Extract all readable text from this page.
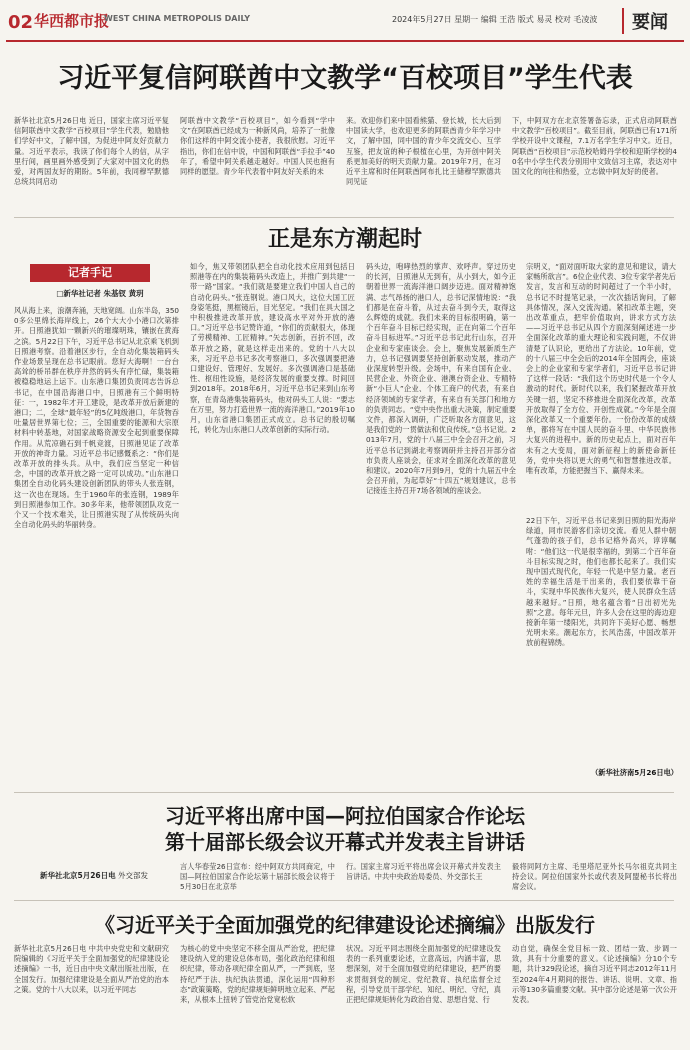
02 华西都市报
WEST CHINA METROPOLIS DAILY	2024年5月27日 星期一 编辑 王浩 版式 易灵 校对 毛凌波	要闻
习近平复信阿联酋中文教学“百校项目”学生代表
新华社北京5月26日电 近日，国家主席习近平复信阿联酋中文教学“百校项目”学生代表，勉励他们学好中文，了解中国，为促进中阿友好贡献力量。习近平表示，我读了你们每个人的信，从字里行间，画里画外感受到了大家对中国文化的热爱，对两国友好的期盼。5年前，我同穆罕默德总统共同启动
阿联酋中文教学“百校项目”，如今看到“学中文”在阿联酋已经成为一种新风尚，培养了一批像你们这样的中阿交流小使者，我很欣慰。习近平指出，你们在信中说，中国和阿联酋“手拉手”40年了，希望中阿关系越走越好。中国人民也抱有同样的愿望。青少年代表着中阿友好关系的未
来。欢迎你们来中国看熊猫、登长城，长大后到中国读大学，也欢迎更多的阿联酋青少年学习中文，了解中国，同中国的青少年交流交心、互学互鉴，把友谊的种子根植在心里，为开创中阿关系更加美好的明天贡献力量。2019年7月，在习近平主席和时任阿联酋阿布扎比王储穆罕默德共同见证
下，中阿双方在北京签署备忘录，正式启动阿联酋中文教学“百校项目”。截至目前，阿联酋已有171所学校开设中文课程，7.1万名学生学习中文。近日，阿联酋“百校项目”示范校哈姆丹学校和迎斯学校的40名中小学生代表分别用中文致信习主席，表达对中国文化的向往和热爱，立志做中阿友好的使者。
正是东方潮起时
记者手记
□新华社记者 朱基钗 黄玥
风从海上来，浪潮奔涌，天地宽阔。山东半岛，3500多公里绵长海岸线上，26个大大小小港口次第排开。日照港犹如一颗新兴的璀璨明珠，镶嵌在黄海之滨。5月22日下午，习近平总书记从北京乘飞机到日照港考察。沿着港区步行，全自动化集装箱码头作业场景呈现在总书记眼前。您好大海啊！一台台高耸的桥吊群在秩序井然的码头有序忙碌，集装箱被稳稳地运上运下。山东港口集团负责同志告诉总书记，在中国沿海港口中，日照港有三个鲜明特征：一，1982年才开工建设，是改革开放后新建的港口；二，全球“最年轻”的5亿吨级港口，年货物吞吐量居世界第七位；三，全国重要的能源和大宗原材料中转基地，对国家战略资源安全起到重要保障作用。从荒凉礁石到千帆竞渡，日照港见证了改革开放的神奇力量。习近平总书记感慨系之：“你们是改革开放的排头兵。从中，我们应当坚定一种信念，中国的改革开放之路一定可以成功。”山东港口集团全自动化码头建设创新团队的带头人张连钢，这一次也在现场。生于1960年的张连钢，1989年到日照港参加工作。30多年来，他带领团队攻克一个又一个技术难关，让日照港实现了从传统码头向全自动化码头的华丽转身。
如今，焦又带领团队把全自动化技术应用到包括日照港等在内的集装箱码头改造上，并推广到共建“一带一路”国家。“我们就是要建立我们中国人自己的自动化码头。”张连钢说。港口风大，这位大国工匠身姿笔挺，黑框镜后，目光坚定。“我们在具大国之中积极推进改革开放，建设高水平对外开放的港口。”习近平总书记赞许道，“你们的贡献很大，体现了劳模精神、工匠精神。”矢志创新，百折不回，改革开放之路，就是这样走出来的。党的十八大以来，习近平总书记多次考察港口，多次强调要把港口建设好、管理好、发展好。多次强调港口是基础性、枢纽性设施，是经济发展的重要支撑。时间回到2018年。2018年6月，习近平总书记来到山东考察，在青岛港集装箱码头，他对码头工人说：“要志在万里，努力打造世界一流的海洋港口。”2019年10月，山东省港口集团正式成立。总书记的殷切嘱托，转化为山东港口人改革创新的实际行动。
码头边，咆哮热烈的掌声、欢呼声。穿过历史的长河，日照港从无到有，从小到大，如今正朝着世界一流海洋港口阔步迈进。面对精神饱满、志气昂扬的港口人，总书记深情地说：“我们都是在奋斗着，从过去奋斗到今天，取得这么辉煌的成就。我们未来的目标很明确，第一个百年奋斗目标已经实现，正在向第二个百年奋斗目标进军。”习近平总书记此行山东，召开企业和专家座谈会。会上，聚焦发展新质生产力，总书记强调要坚持创新驱动发展，推动产业深度转型升级。会场中，有来自国有企业、民营企业、外资企业、港澳台资企业、专精特新“小巨人”企业、个体工商户的代表，有来自经济领域的专家学者，有来自有关部门和地方的负责同志。“党中央作出重大决策，制定重要文件，都深入调研，广泛听取各方面意见，这是我们党的一贯做法和优良传统。”总书记说。2013年7月，党的十八届三中全会召开之前，习近平总书记到湖北考察调研并主持召开部分省市负责人座谈会，征求对全面深化改革的意见和建议。2020年7月到9月，党的十九届五中全会召开前，为起草好“十四五”规划建议，总书记接连主持召开7场各领域的座谈会。
宗明义，“面对面听取大家的意见和建议，请大家畅所欲言”。6位企业代表、3位专家学者先后发言，发言和互动的时间超过了一个半小时，总书记不时提笔记录，一次次插话询问，了解具体情况，深入交流沟通。紧扣改革主题，突出改革重点，把牢价值取向，讲求方式方法——习近平总书记从四个方面深刻阐述进一步全面深化改革的重大理论和实践问题，不仅讲清楚了认识论，更给出了方法论。10年前，党的十八届三中全会后的2014年全国两会，座谈会上的企业家和专家学者们，习近平总书记讲了这样一段话：“我们这个历史时代是一个令人激动的时代。新时代以来，我们紧握改革开放关键一招，坚定不移推进全面深化改革，改革开放取得了全方位、开创性成就。”今年是全面深化改革又一个重要年份。一份份改革的成绩单，都将写在中国人民的奋斗里、中华民族伟大复兴的进程中。新的历史起点上，面对百年未有之大变局，面对新征程上的新使命新任务，党中央将以更大的勇气和智慧推进改革。唯有改革，方能把握当下、赢得未来。
22日下午，习近平总书记来到日照的阳光海岸绿道，同市民游客们亲切交流。看见人群中朝气蓬勃的孩子们，总书记格外高兴，谆谆嘱咐：“他们这一代是很幸福的，到第二个百年奋斗目标实现之时，他们也都长起来了。我们实现中国式现代化，年轻一代是中坚力量。老百姓的幸福生活是干出来的，我们要依靠干奋斗，实现中华民族伟大复兴，使人民群众生活越来越好。”日照，地名蕴含着“日出初光先照”之意。每年元旦，许多人会在这里的海边迎接新年第一缕阳光，共同许下美好心愿、畅想光明未来。潮起东方，长风浩荡，中国改革开放前程锦绣。
（新华社济南5月26日电）
习近平将出席中国—阿拉伯国家合作论坛
第十届部长级会议开幕式并发表主旨讲话
新华社北京5月26日电 外交部发
言人华春莹26日宣布：经中阿双方共同商定，中国—阿拉伯国家合作论坛第十届部长级会议将于5月30日在北京举
行。国家主席习近平将出席会议开幕式并发表主旨讲话。中共中央政治局委员、外交部长王
毅将同阿方主席、毛里塔尼亚外长马尔祖克共同主持会议。阿拉伯国家外长或代表及阿盟秘书长将出席会议。
《习近平关于全面加强党的纪律建设论述摘编》出版发行
新华社北京5月26日电 中共中央党史和文献研究院编辑的《习近平关于全面加强党的纪律建设论述摘编》一书，近日由中央文献出版社出版，在全国发行。加强纪律建设是全面从严治党的治本之策。党的十八大以来，以习近平同志
为核心的党中央坚定不移全面从严治党，把纪律建设纳入党的建设总体布局，强化政治纪律和组织纪律，带动各项纪律全面从严，一严到底，坚持纪严于法、执纪执法贯通，深化运用“四种形态”政策策略，党的纪律规矩鲜明地立起来、严起来，从根本上扭转了管党治党宽松软
状况。习近平同志围绕全面加强党的纪律建设发表的一系列重要论述，立意高远，内涵丰富，思想深刻，对于全面加强党的纪律建设，把严的要求贯彻到党的制定、党纪教育、执纪监督全过程，引导党员干部学纪、知纪、明纪、守纪，真正把纪律规矩转化为政治自觉、思想自觉、行
动自觉，确保全党目标一致、团结一致、步调一致，具有十分重要的意义。《论述摘编》分10个专题，共计329段论述，摘自习近平同志2012年11月至2024年4月期间的报告、讲话、说明、文章、指示等130多篇重要文献。其中部分论述是第一次公开发表。
